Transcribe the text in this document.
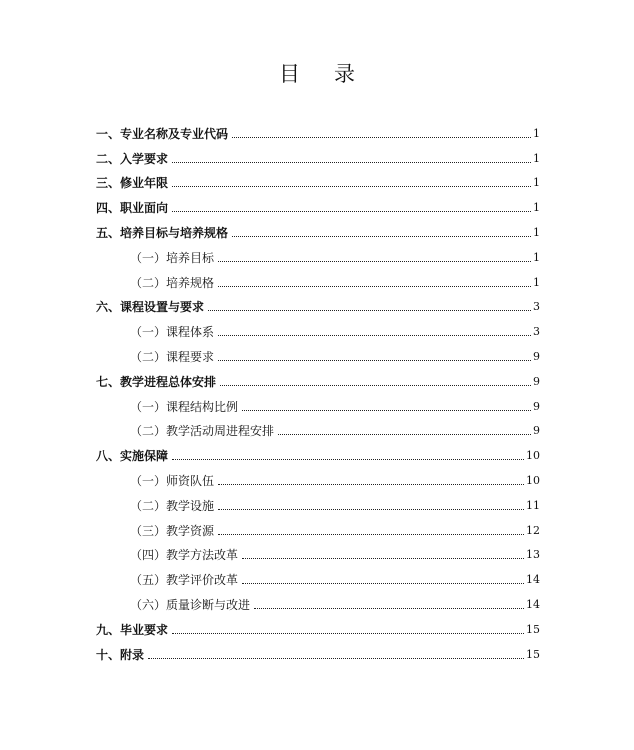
目录
一、专业名称及专业代码	1
二、入学要求	1
三、修业年限	1
四、职业面向	1
五、培养目标与培养规格	1
（一）培养目标	1
（二）培养规格	1
六、课程设置与要求	3
（一）课程体系	3
（二）课程要求	9
七、教学进程总体安排	9
（一）课程结构比例	9
（二）教学活动周进程安排	9
八、实施保障	10
（一）师资队伍	10
（二）教学设施	11
（三）教学资源	12
（四）教学方法改革	13
（五）教学评价改革	14
（六）质量诊断与改进	14
九、毕业要求	15
十、附录	15
